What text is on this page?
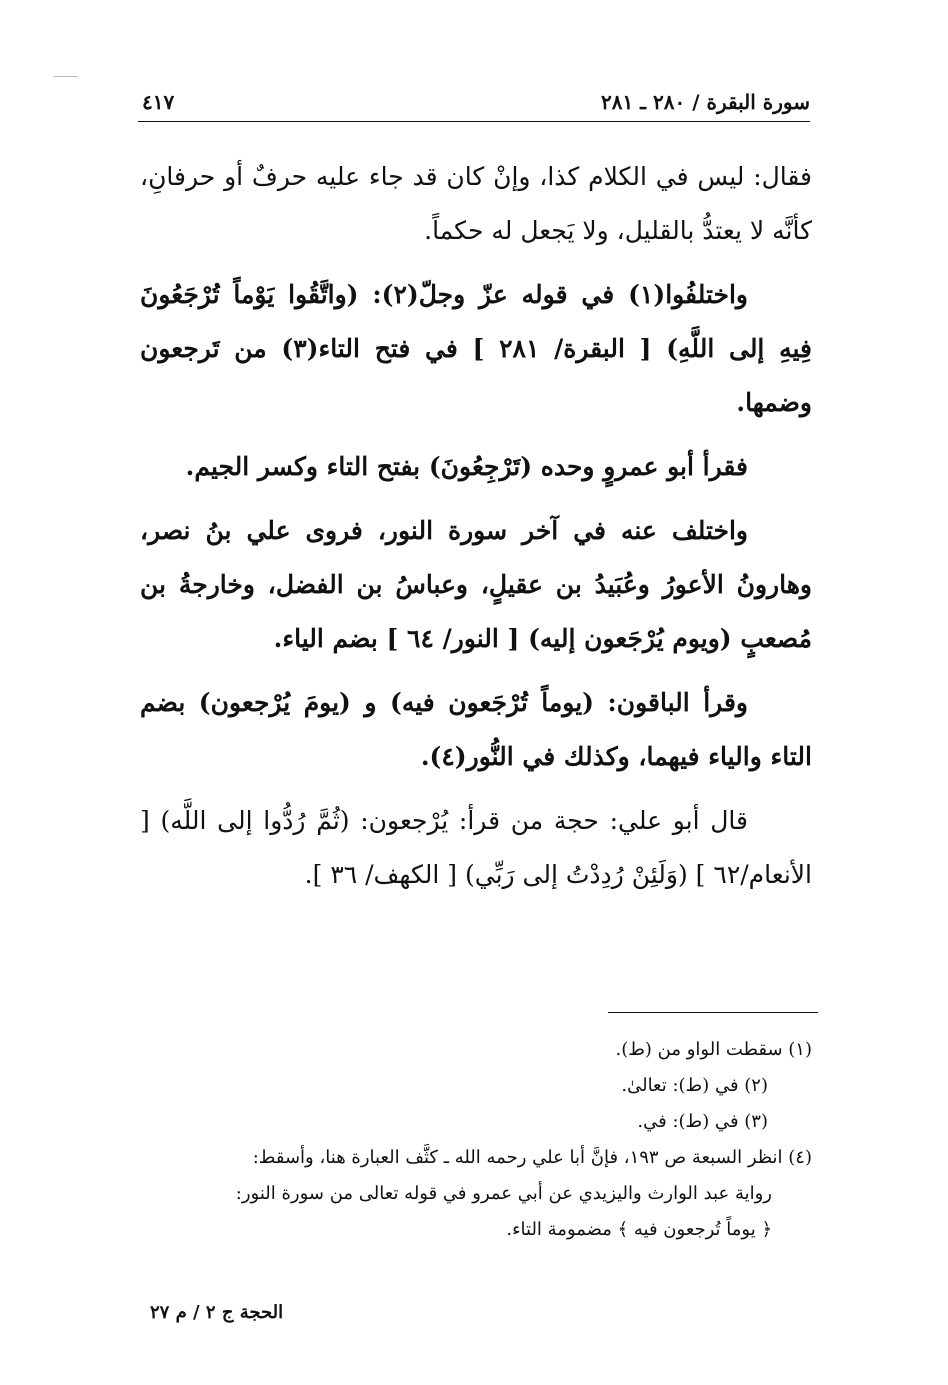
سورة البقرة / ٢٨٠ ـ ٢٨١
٤١٧

فقال: ليس في الكلام كذا، وإنْ كان قد جاء عليه حرفٌ أو حرفانِ، كأنَّه لا يعتدُّ بالقليل، ولا يَجعل له حكماً.

واختلفُوا(١) في قوله عزّ وجلّ(٢): (واتَّقُوا يَوْماً تُرْجَعُونَ فِيهِ إلى اللَّهِ) [ البقرة/ ٢٨١ ] في فتح التاء(٣) من تَرجعون وضمها.

فقرأ أبو عمروٍ وحده (تَرْجِعُونَ) بفتح التاء وكسر الجيم.

واختلف عنه في آخر سورة النور، فروى علي بنُ نصر، وهارونُ الأعورُ وعُبَيدُ بن عقيلٍ، وعباسُ بن الفضل، وخارجةُ بن مُصعبٍ (ويوم يُرْجَعون إليه) [ النور/ ٦٤ ] بضم الياء.

وقرأ الباقون: (يوماً تُرْجَعون فيه) و (يومَ يُرْجعون) بضم التاء والياء فيهما، وكذلك في النُّور(٤).

قال أبو علي: حجة من قرأ: يُرْجعون: (ثُمَّ رُدُّوا إلى اللَّه) [ الأنعام/٦٢ ] (وَلَئِنْ رُدِدْتُ إلى رَبِّي) [ الكهف/ ٣٦ ].

(١) سقطت الواو من (ط).

(٢) في (ط): تعالىٰ.

(٣) في (ط): في.

(٤) انظر السبعة ص ١٩٣، فإنَّ أبا علي رحمه الله ـ كثَّف العبارة هنا، وأسقط:

رواية عبد الوارث واليزيدي عن أبي عمرو في قوله تعالى من سورة النور:

﴿ يوماً تُرجعون فيه ﴾ مضمومة التاء.

الحجة ج ٢ / م ٢٧
